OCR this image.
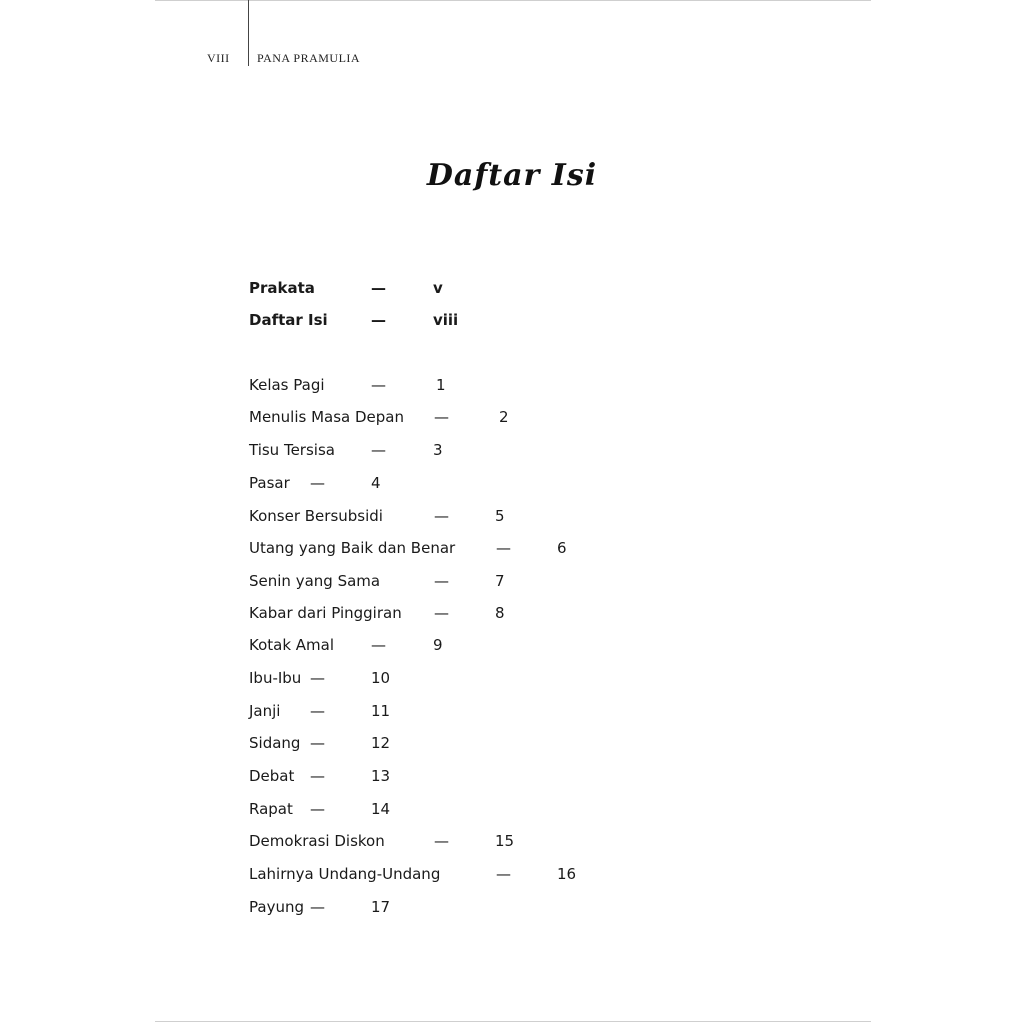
VIII PANA PRAMULIA
Daftar Isi
Prakata	—	v
Daftar Isi	—	viii
Kelas Pagi	—	1
Menulis Masa Depan —	2
Tisu Tersisa —	3
Pasar —	4
Konser Bersubsidi	—	5
Utang yang Baik dan Benar	—	6
Senin yang Sama	—	7
Kabar dari Pinggiran —	8
Kotak Amal —	9
Ibu-Ibu —	10
Janji —	11
Sidang —	12
Debat —	13
Rapat —	14
Demokrasi Diskon	—	15
Lahirnya Undang-Undang	—	16
Payung —	17
